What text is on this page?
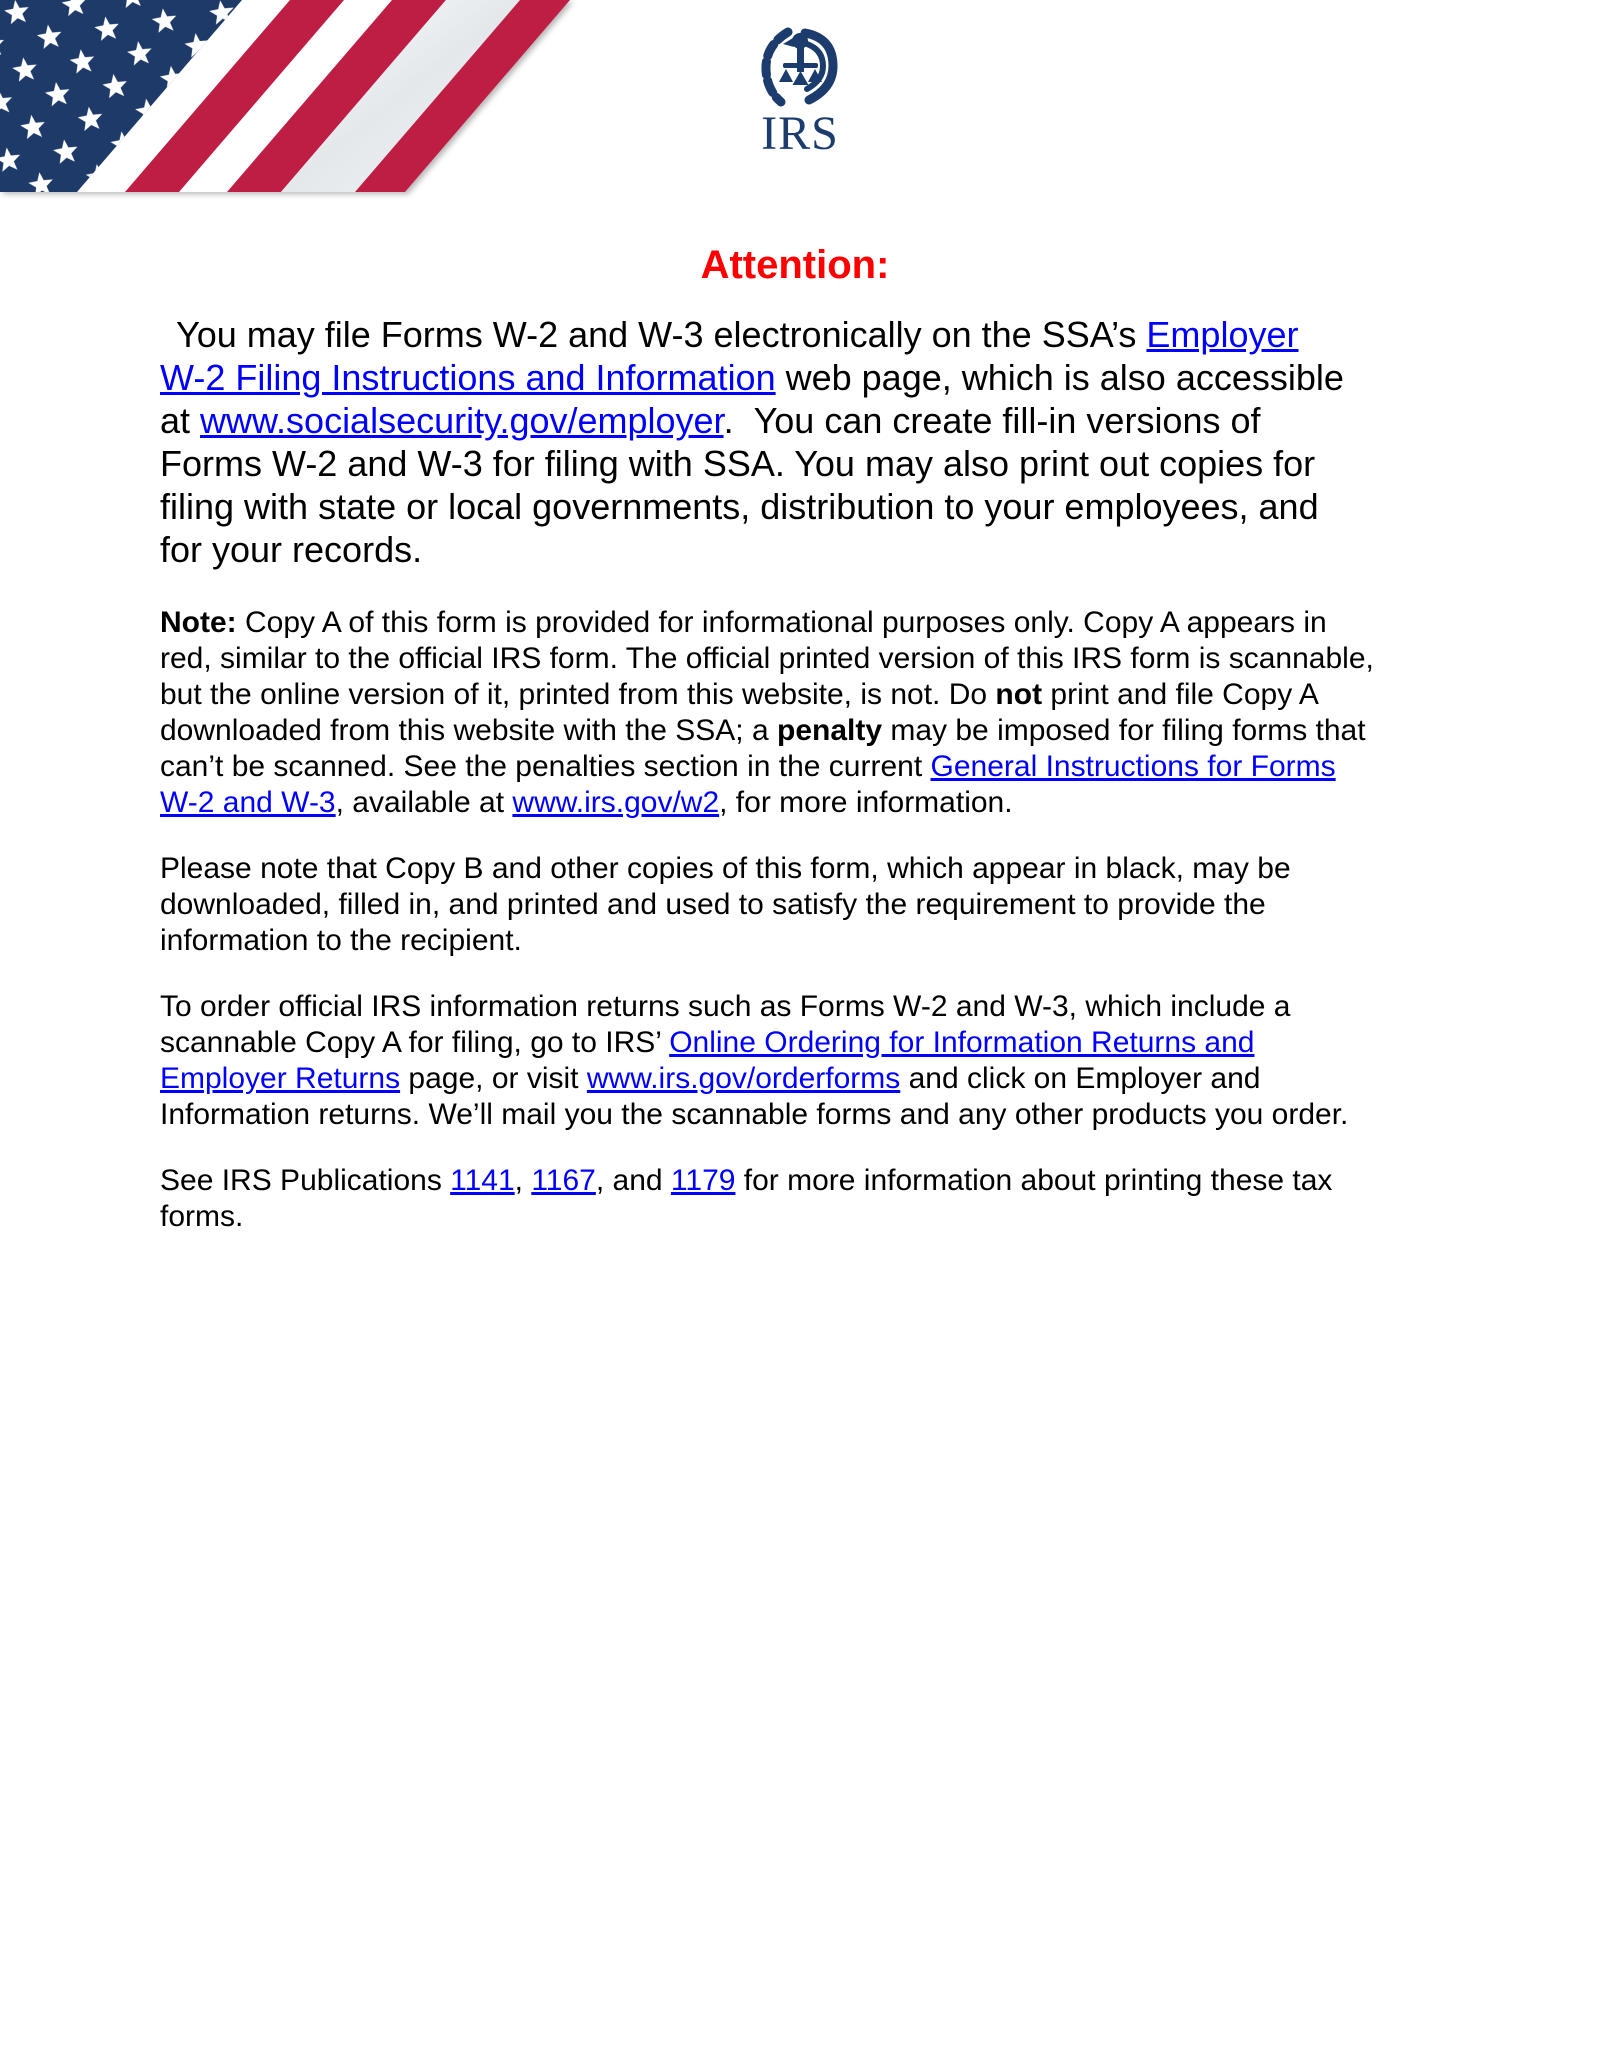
IRS
Attention:

You may file Forms W-2 and W-3 electronically on the SSA’s Employer
W-2 Filing Instructions and Information web page, which is also accessible
at www.socialsecurity.gov/employer.  You can create fill-in versions of
Forms W-2 and W-3 for filing with SSA. You may also print out copies for
filing with state or local governments, distribution to your employees, and
for your records.

Note: Copy A of this form is provided for informational purposes only. Copy A appears in
red, similar to the official IRS form. The official printed version of this IRS form is scannable,
but the online version of it, printed from this website, is not. Do not print and file Copy A
downloaded from this website with the SSA; a penalty may be imposed for filing forms that
can’t be scanned. See the penalties section in the current General Instructions for Forms
W-2 and W-3, available at www.irs.gov/w2, for more information.

Please note that Copy B and other copies of this form, which appear in black, may be
downloaded, filled in, and printed and used to satisfy the requirement to provide the
information to the recipient.

To order official IRS information returns such as Forms W-2 and W-3, which include a
scannable Copy A for filing, go to IRS’ Online Ordering for Information Returns and
Employer Returns page, or visit www.irs.gov/orderforms and click on Employer and
Information returns. We’ll mail you the scannable forms and any other products you order.

See IRS Publications 1141, 1167, and 1179 for more information about printing these tax
forms.
